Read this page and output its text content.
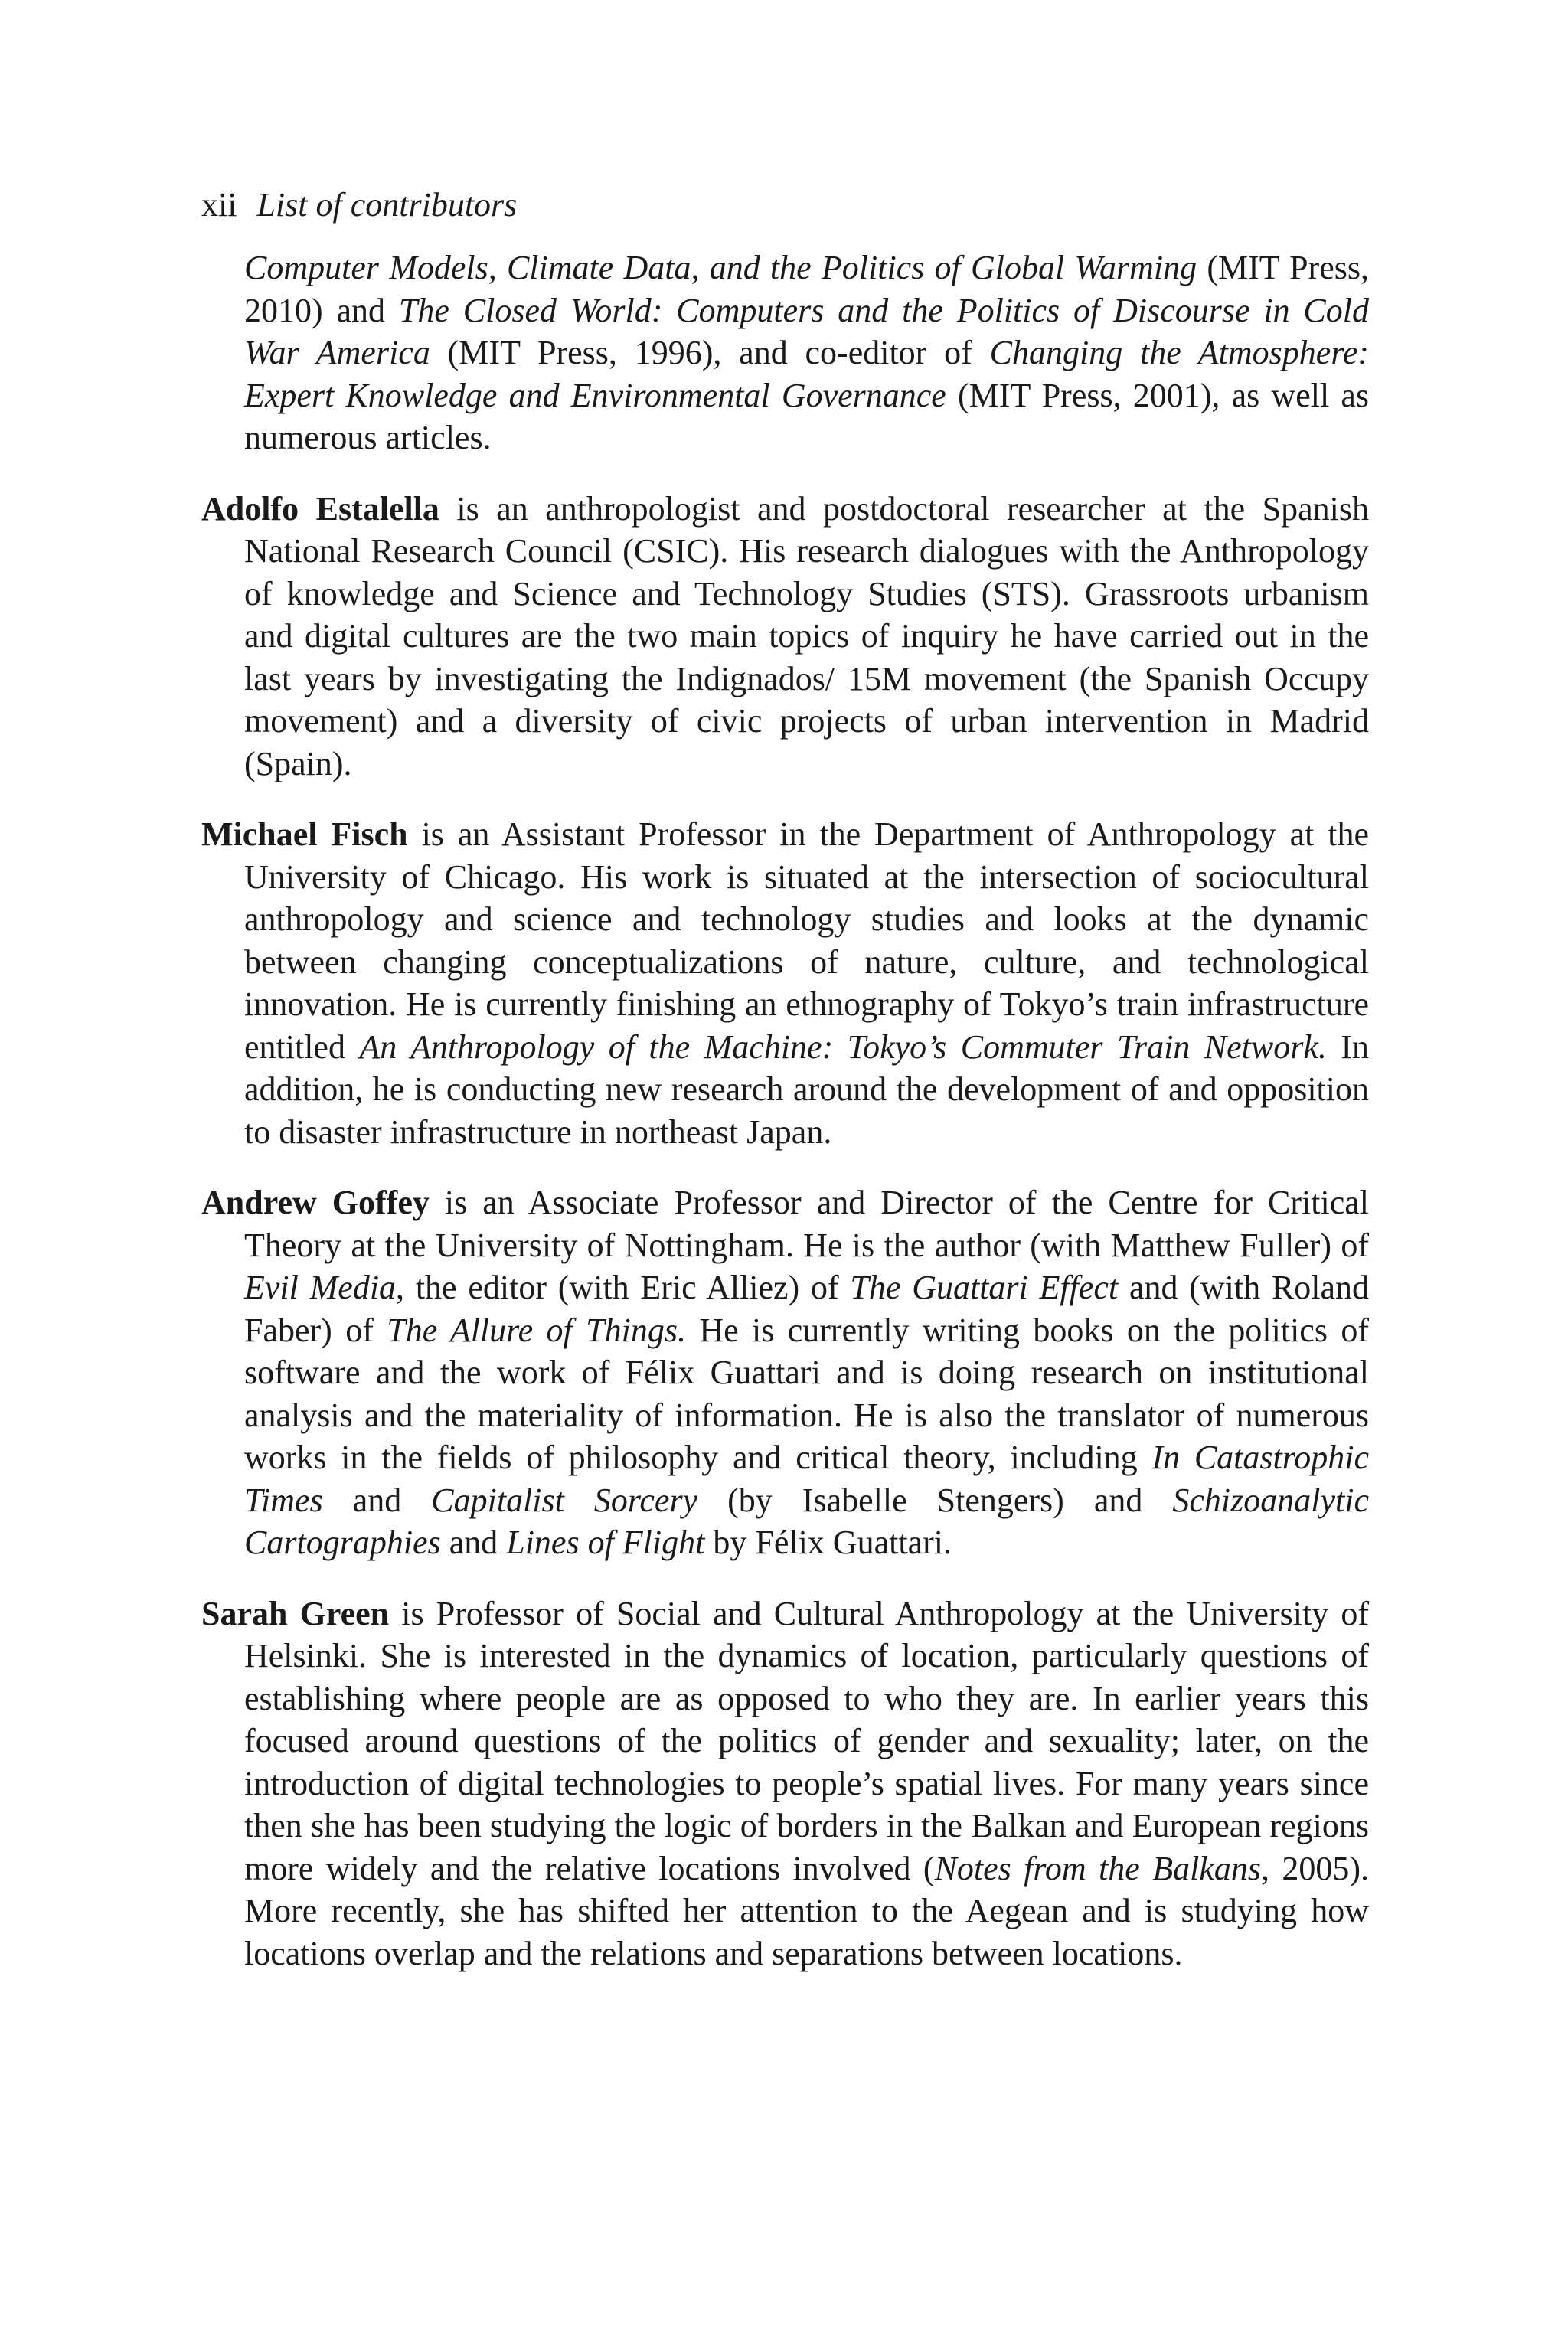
xii List of contributors

Computer Models, Climate Data, and the Politics of Global Warming (MIT Press, 2010) and The Closed World: Computers and the Politics of Discourse in Cold War America (MIT Press, 1996), and co-editor of Changing the Atmosphere: Expert Knowledge and Environmental Governance (MIT Press, 2001), as well as numerous articles.

Adolfo Estalella is an anthropologist and postdoctoral researcher at the Spanish National Research Council (CSIC). His research dialogues with the Anthropology of knowledge and Science and Technology Studies (STS). Grassroots urbanism and digital cultures are the two main topics of inquiry he have carried out in the last years by investigating the Indignados/ 15M movement (the Spanish Occupy movement) and a diversity of civic projects of urban intervention in Madrid (Spain).

Michael Fisch is an Assistant Professor in the Department of Anthropology at the University of Chicago. His work is situated at the intersection of sociocultural anthropology and science and technology studies and looks at the dynamic between changing conceptualizations of nature, culture, and technological innovation. He is currently finishing an ethnography of Tokyo’s train infrastructure entitled An Anthropology of the Machine: Tokyo’s Commuter Train Network. In addition, he is conducting new research around the development of and opposition to disaster infrastructure in northeast Japan.

Andrew Goffey is an Associate Professor and Director of the Centre for Critical Theory at the University of Nottingham. He is the author (with Matthew Fuller) of Evil Media, the editor (with Eric Alliez) of The Guattari Effect and (with Roland Faber) of The Allure of Things. He is currently writing books on the politics of software and the work of Félix Guattari and is doing research on institutional analysis and the materiality of information. He is also the translator of numerous works in the fields of philosophy and critical theory, including In Catastrophic Times and Capitalist Sorcery (by Isabelle Stengers) and Schizoanalytic Cartographies and Lines of Flight by Félix Guattari.

Sarah Green is Professor of Social and Cultural Anthropology at the University of Helsinki. She is interested in the dynamics of location, particularly questions of establishing where people are as opposed to who they are. In earlier years this focused around questions of the politics of gender and sexuality; later, on the introduction of digital technologies to people’s spatial lives. For many years since then she has been studying the logic of borders in the Balkan and European regions more widely and the relative locations involved (Notes from the Balkans, 2005). More recently, she has shifted her attention to the Aegean and is studying how locations overlap and the relations and separations between locations.
